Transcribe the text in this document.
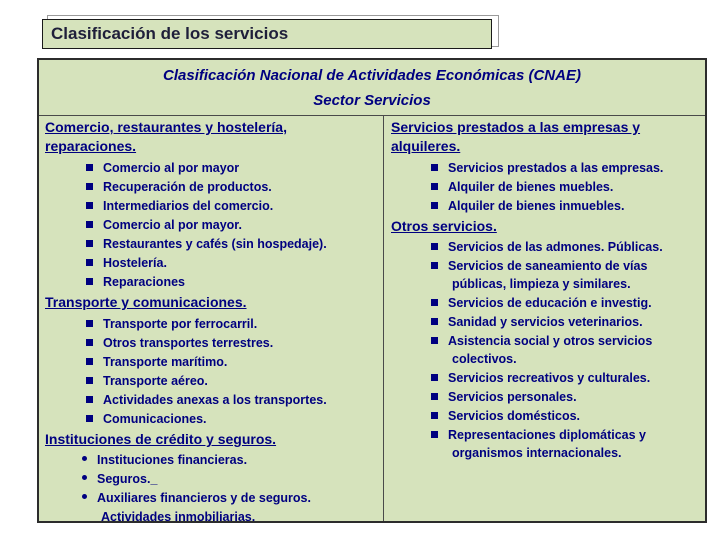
Clasificación de los servicios
Clasificación Nacional de Actividades Económicas (CNAE)
Sector Servicios
Comercio, restaurantes y hostelería,
reparaciones.
Comercio al por mayor
Recuperación de productos.
Intermediarios del comercio.
Comercio al por mayor.
Restaurantes y cafés (sin hospedaje).
Hostelería.
Reparaciones
Transporte y comunicaciones.
Transporte por ferrocarril.
Otros transportes terrestres.
Transporte marítimo.
Transporte aéreo.
Actividades anexas a los transportes.
Comunicaciones.
Instituciones de crédito y seguros.
Instituciones financieras.
Seguros._
Auxiliares financieros y de seguros.
Actividades inmobiliarias.
Servicios prestados a las empresas y
alquileres.
Servicios prestados a las empresas.
Alquiler de bienes muebles.
Alquiler de bienes inmuebles.
Otros servicios.
Servicios de las admones. Públicas.
Servicios de saneamiento de vías
públicas, limpieza y similares.
Servicios de educación e investig.
Sanidad y servicios veterinarios.
Asistencia social y otros servicios
colectivos.
Servicios recreativos y culturales.
Servicios personales.
Servicios domésticos.
Representaciones diplomáticas y
organismos internacionales.
